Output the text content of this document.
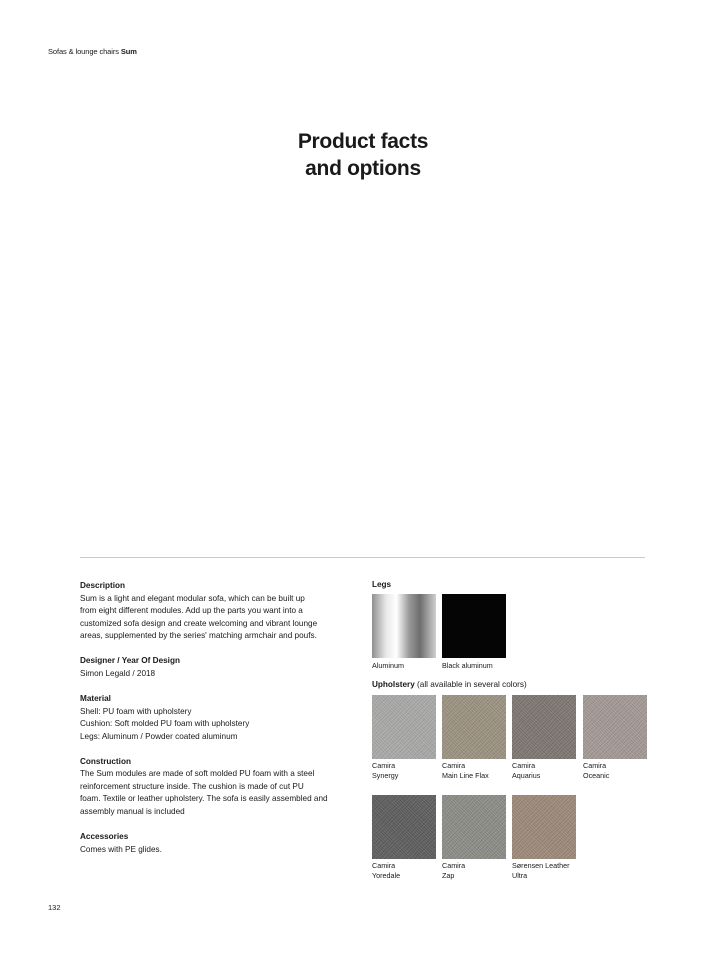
Sofas & lounge chairs Sum
Product facts
and options
Description

Sum is a light and elegant modular sofa, which can be built up

from eight different modules. Add up the parts you want into a

customized sofa design and create welcoming and vibrant lounge

areas, supplemented by the series' matching armchair and poufs.

Designer / Year Of Design

Simon Legald / 2018

Material

Shell: PU foam with upholstery

Cushion: Soft molded PU foam with upholstery

Legs: Aluminum / Powder coated aluminum

Construction

The Sum modules are made of soft molded PU foam with a steel

reinforcement structure inside. The cushion is made of cut PU

foam. Textile or leather upholstery. The sofa is easily assembled and

assembly manual is included

Accessories

Comes with PE glides.

Legs
Aluminum	Black aluminum
Upholstery (all available in several colors)
Camira
Synergy
Camira
Main Line Flax
Camira
Aquarius
Camira
Oceanic
Camira
Yoredale
Camira
Zap
Sørensen Leather
Ultra
132
